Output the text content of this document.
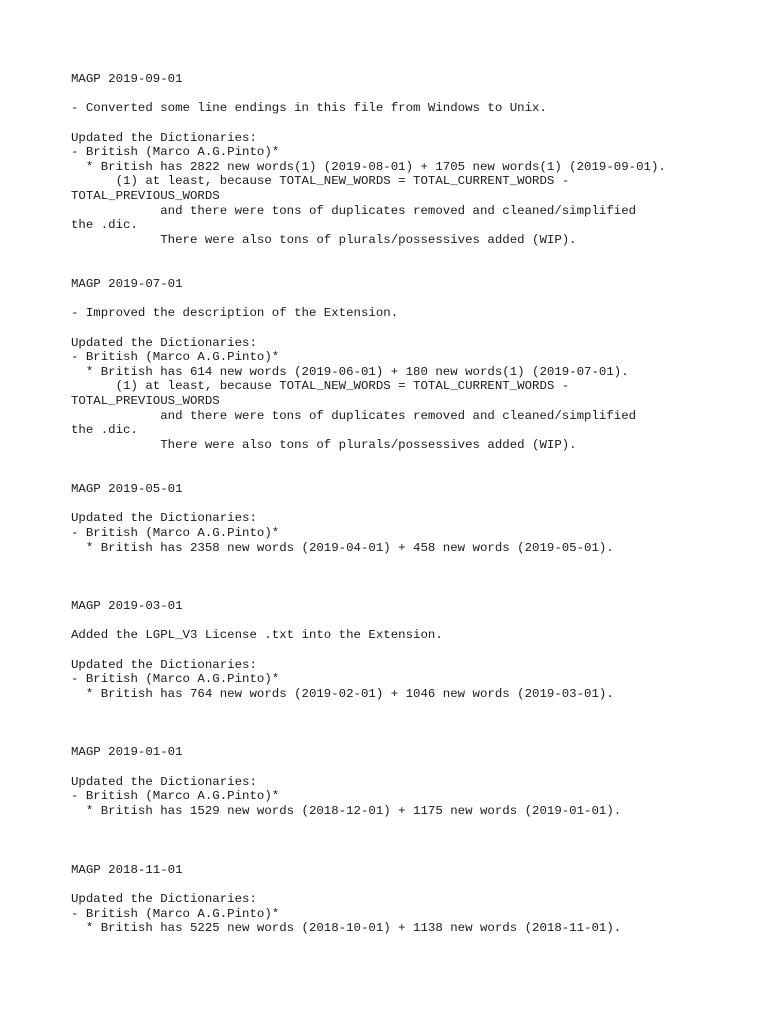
MAGP 2019-09-01
- Converted some line endings in this file from Windows to Unix.
Updated the Dictionaries:
- British (Marco A.G.Pinto)*
* British has 2822 new words(1) (2019-08-01) + 1705 new words(1) (2019-09-01).
(1) at least, because TOTAL_NEW_WORDS = TOTAL_CURRENT_WORDS -
TOTAL_PREVIOUS_WORDS
and there were tons of duplicates removed and cleaned/simplified
the .dic.
There were also tons of plurals/possessives added (WIP).
MAGP 2019-07-01
- Improved the description of the Extension.
Updated the Dictionaries:
- British (Marco A.G.Pinto)*
* British has 614 new words (2019-06-01) + 180 new words(1) (2019-07-01).
(1) at least, because TOTAL_NEW_WORDS = TOTAL_CURRENT_WORDS -
TOTAL_PREVIOUS_WORDS
and there were tons of duplicates removed and cleaned/simplified
the .dic.
There were also tons of plurals/possessives added (WIP).
MAGP 2019-05-01
Updated the Dictionaries:
- British (Marco A.G.Pinto)*
* British has 2358 new words (2019-04-01) + 458 new words (2019-05-01).
MAGP 2019-03-01
Added the LGPL_V3 License .txt into the Extension.
Updated the Dictionaries:
- British (Marco A.G.Pinto)*
* British has 764 new words (2019-02-01) + 1046 new words (2019-03-01).
MAGP 2019-01-01
Updated the Dictionaries:
- British (Marco A.G.Pinto)*
* British has 1529 new words (2018-12-01) + 1175 new words (2019-01-01).
MAGP 2018-11-01
Updated the Dictionaries:
- British (Marco A.G.Pinto)*
* British has 5225 new words (2018-10-01) + 1138 new words (2018-11-01).
